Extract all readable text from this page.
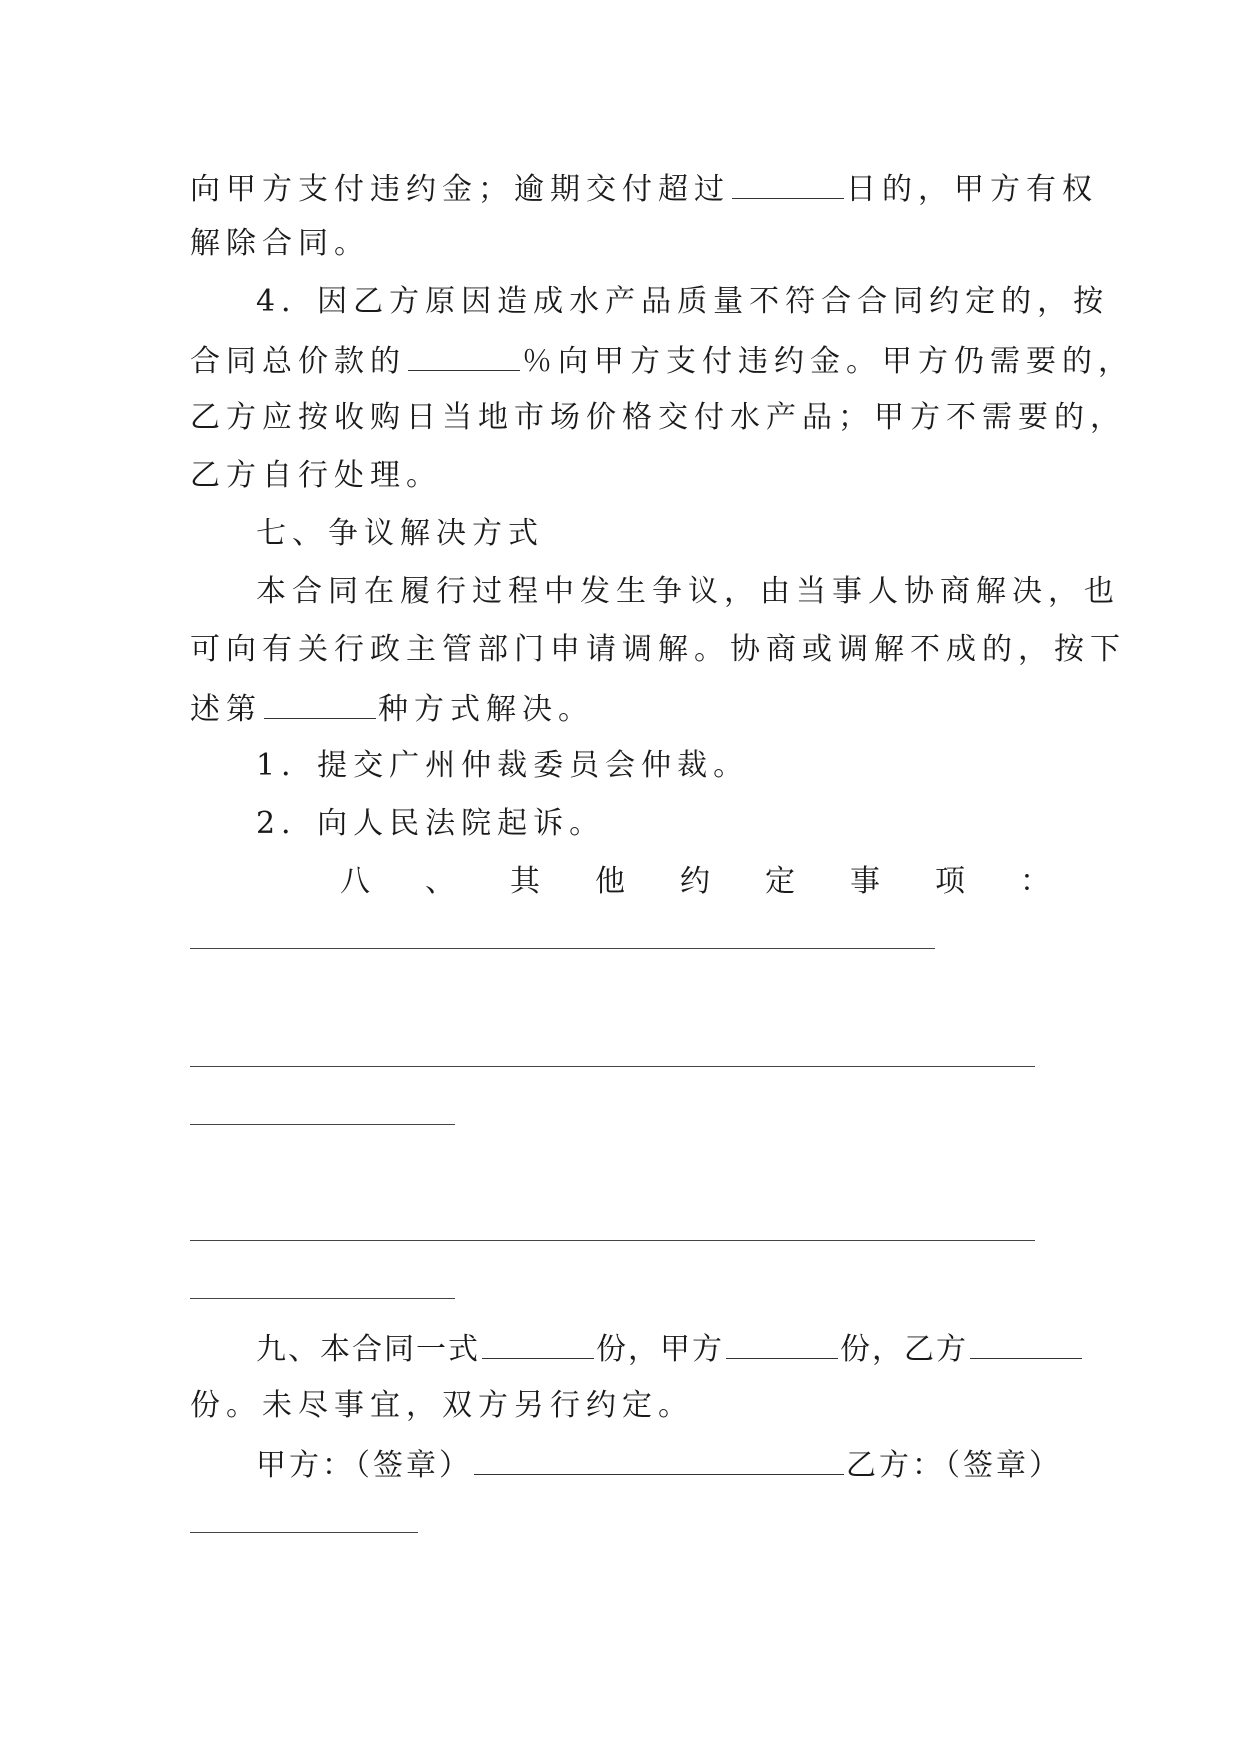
向甲方支付违约金；逾期交付超过	日的，甲方有权
解除合同。
4．因乙方原因造成水产品质量不符合合同约定的，按
合同总价款的	％向甲方支付违约金。甲方仍需要的，
乙方应按收购日当地市场价格交付水产品；甲方不需要的，
乙方自行处理。
七、争议解决方式
本合同在履行过程中发生争议，由当事人协商解决，也
可向有关行政主管部门申请调解。协商或调解不成的，按下
述第	种方式解决。
1．提交广州仲裁委员会仲裁。
2．向人民法院起诉。
八 、 其 他 约 定 事 项 ：
九、本合同一式	份，甲方	份，乙方
份。未尽事宜，双方另行约定。
甲方：（签章）	乙方：（签章）
